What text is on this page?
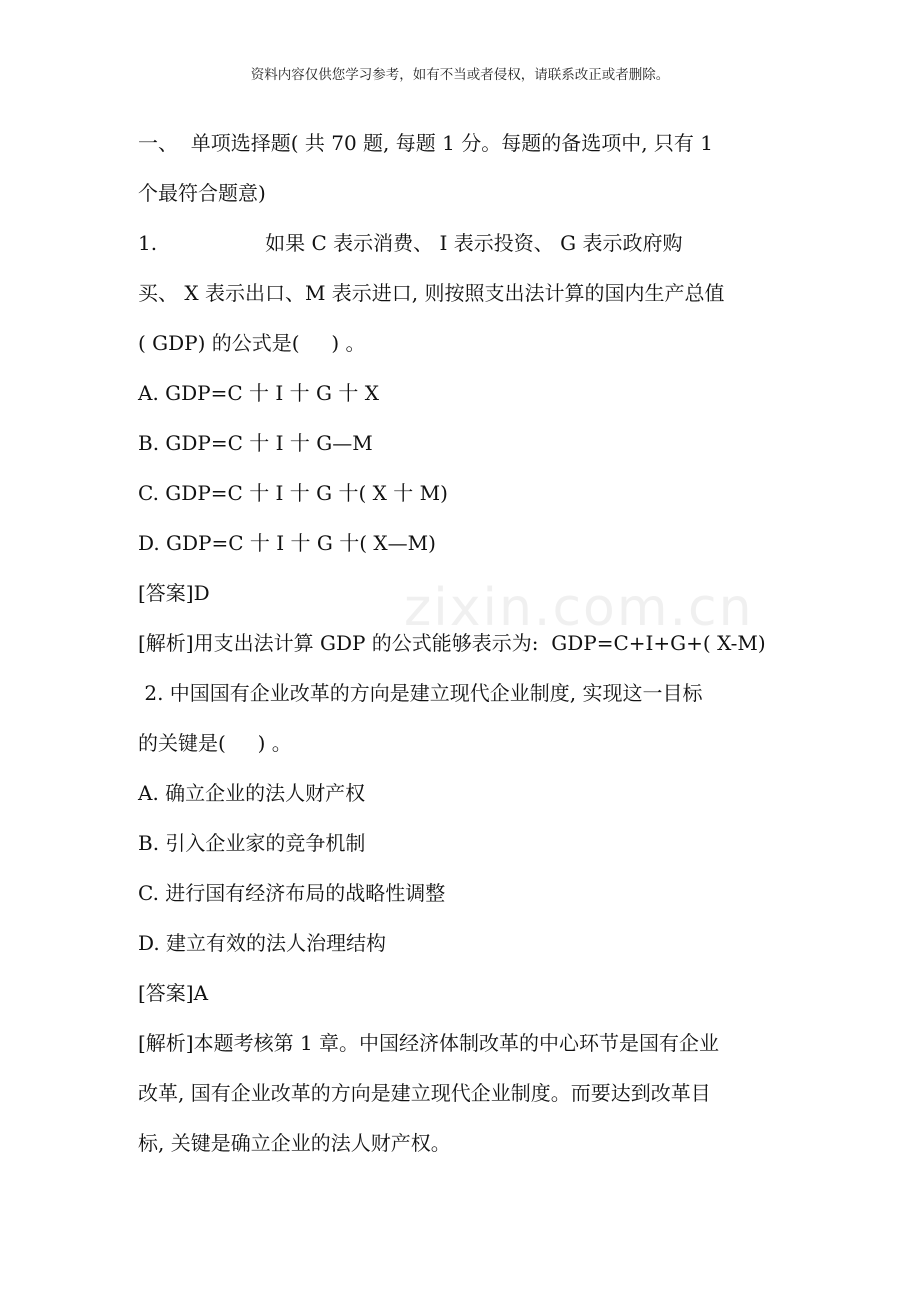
zixin.com.cn
资料内容仅供您学习参考，如有不当或者侵权，请联系改正或者删除。
一、  单项选择题( 共 70 题, 每题 1 分。每题的备选项中, 只有 1
个最符合题意)
1.                 如果 C 表示消费、 I 表示投资、 G 表示政府购
买、 X 表示出口、M 表示进口, 则按照支出法计算的国内生产总值
( GDP) 的公式是(     ) 。
A. GDP=C 十 I 十 G 十 X
B. GDP=C 十 I 十 G—M
C. GDP=C 十 I 十 G 十( X 十 M)
D. GDP=C 十 I 十 G 十( X—M)
[答案]D
[解析]用支出法计算 GDP 的公式能够表示为:  GDP=C+I+G+( X-M)
2. 中国国有企业改革的方向是建立现代企业制度, 实现这一目标
的关键是(     ) 。
A. 确立企业的法人财产权
B. 引入企业家的竞争机制
C. 进行国有经济布局的战略性调整
D. 建立有效的法人治理结构
[答案]A
[解析]本题考核第 1 章。中国经济体制改革的中心环节是国有企业
改革, 国有企业改革的方向是建立现代企业制度。而要达到改革目
标, 关键是确立企业的法人财产权。
